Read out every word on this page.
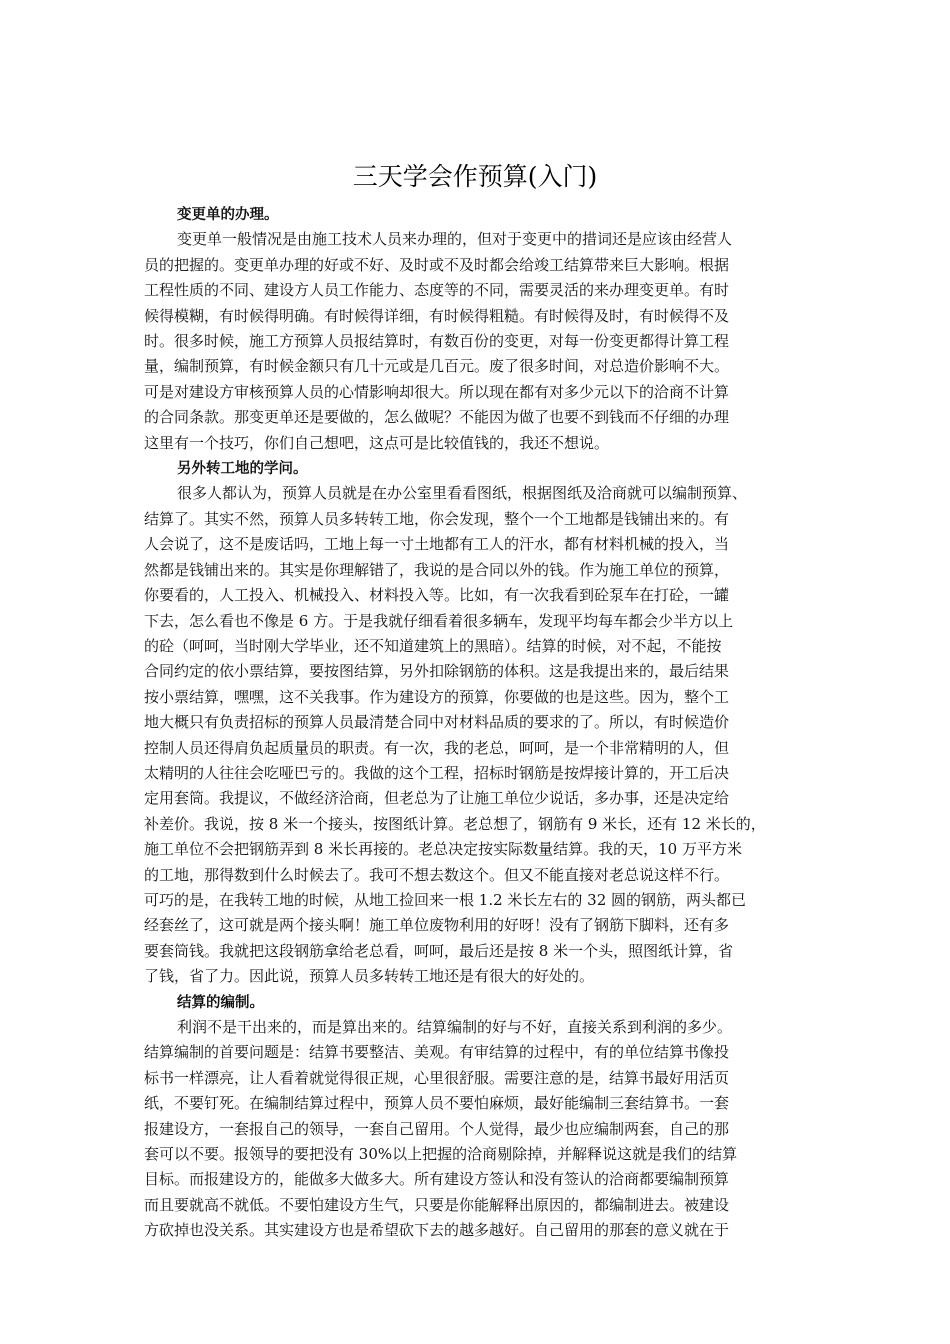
三天学会作预算(入门)

变更单的办理。

变更单一般情况是由施工技术人员来办理的，但对于变更中的措词还是应该由经营人

员的把握的。变更单办理的好或不好、及时或不及时都会给竣工结算带来巨大影响。根据

工程性质的不同、建设方人员工作能力、态度等的不同，需要灵活的来办理变更单。有时

候得模糊，有时候得明确。有时候得详细，有时候得粗糙。有时候得及时，有时候得不及

时。很多时候，施工方预算人员报结算时，有数百份的变更，对每一份变更都得计算工程

量，编制预算，有时候金额只有几十元或是几百元。废了很多时间，对总造价影响不大。

可是对建设方审核预算人员的心情影响却很大。所以现在都有对多少元以下的洽商不计算

的合同条款。那变更单还是要做的，怎么做呢？不能因为做了也要不到钱而不仔细的办理

这里有一个技巧，你们自己想吧，这点可是比较值钱的，我还不想说。

另外转工地的学问。

很多人都认为，预算人员就是在办公室里看看图纸，根据图纸及洽商就可以编制预算、

结算了。其实不然，预算人员多转转工地，你会发现，整个一个工地都是钱铺出来的。有

人会说了，这不是废话吗，工地上每一寸土地都有工人的汗水，都有材料机械的投入，当

然都是钱铺出来的。其实是你理解错了，我说的是合同以外的钱。作为施工单位的预算，

你要看的，人工投入、机械投入、材料投入等。比如，有一次我看到砼泵车在打砼，一罐

下去，怎么看也不像是 6 方。于是我就仔细看着很多辆车，发现平均每车都会少半方以上

的砼（呵呵，当时刚大学毕业，还不知道建筑上的黑暗）。结算的时候，对不起，不能按

合同约定的依小票结算，要按图结算，另外扣除钢筋的体积。这是我提出来的，最后结果

按小票结算，嘿嘿，这不关我事。作为建设方的预算，你要做的也是这些。因为，整个工

地大概只有负责招标的预算人员最清楚合同中对材料品质的要求的了。所以，有时候造价

控制人员还得肩负起质量员的职责。有一次，我的老总，呵呵，是一个非常精明的人，但

太精明的人往往会吃哑巴亏的。我做的这个工程，招标时钢筋是按焊接计算的，开工后决

定用套筒。我提议，不做经济洽商，但老总为了让施工单位少说话，多办事，还是决定给

补差价。我说，按 8 米一个接头，按图纸计算。老总想了，钢筋有 9 米长，还有 12 米长的，

施工单位不会把钢筋弄到 8 米长再接的。老总决定按实际数量结算。我的天，10 万平方米

的工地，那得数到什么时候去了。我可不想去数这个。但又不能直接对老总说这样不行。

可巧的是，在我转工地的时候，从地工捡回来一根 1.2 米长左右的 32 圆的钢筋，两头都已

经套丝了，这可就是两个接头啊！施工单位废物利用的好呀！没有了钢筋下脚料，还有多

要套筒钱。我就把这段钢筋拿给老总看，呵呵，最后还是按 8 米一个头，照图纸计算，省

了钱，省了力。因此说，预算人员多转转工地还是有很大的好处的。

结算的编制。

利润不是干出来的，而是算出来的。结算编制的好与不好，直接关系到利润的多少。

结算编制的首要问题是：结算书要整洁、美观。有审结算的过程中，有的单位结算书像投

标书一样漂亮，让人看着就觉得很正规，心里很舒服。需要注意的是，结算书最好用活页

纸，不要钉死。在编制结算过程中，预算人员不要怕麻烦，最好能编制三套结算书。一套

报建设方，一套报自己的领导，一套自己留用。个人觉得，最少也应编制两套，自己的那

套可以不要。报领导的要把没有 30%以上把握的洽商剔除掉，并解释说这就是我们的结算

目标。而报建设方的，能做多大做多大。所有建设方签认和没有签认的洽商都要编制预算

而且要就高不就低。不要怕建设方生气，只要是你能解释出原因的，都编制进去。被建设

方砍掉也没关系。其实建设方也是希望砍下去的越多越好。自己留用的那套的意义就在于
